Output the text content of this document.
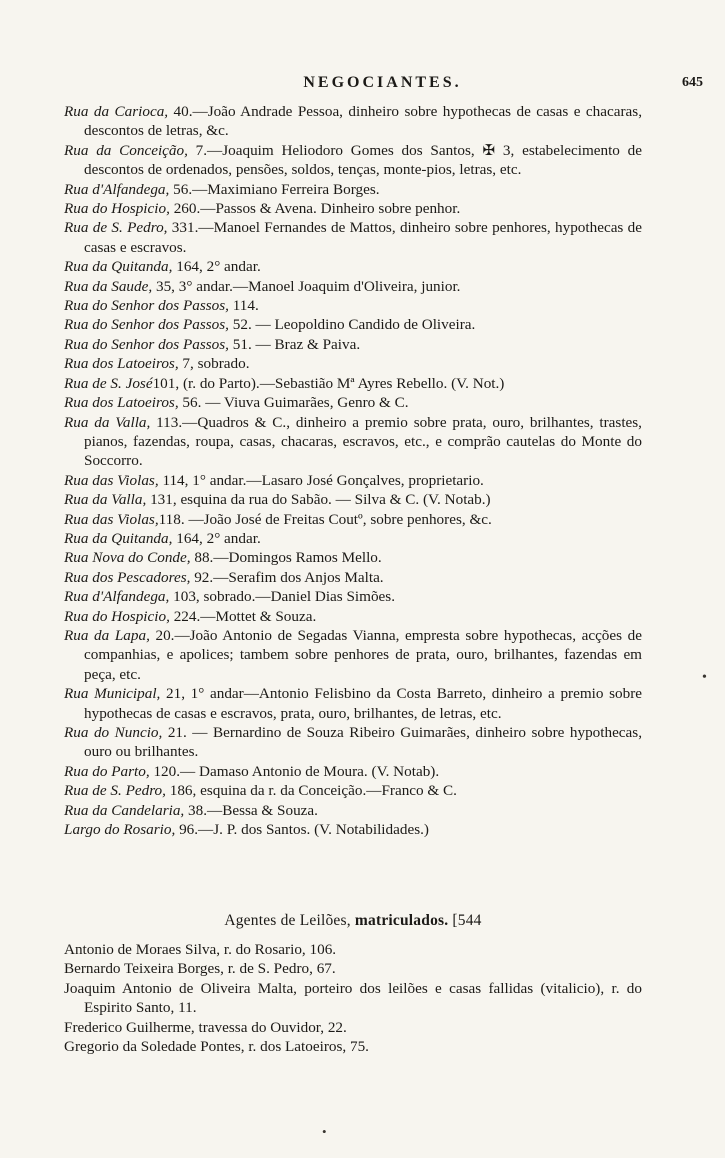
NEGOCIANTES.	645
Rua da Carioca, 40.—João Andrade Pessoa, dinheiro sobre hypothecas de casas e chacaras, descontos de letras, &c.
Rua da Conceição, 7.—Joaquim Heliodoro Gomes dos Santos, ✠ 3, estabelecimento de descontos de ordenados, pensões, soldos, tenças, monte-pios, letras, etc.
Rua d'Alfandega, 56.—Maximiano Ferreira Borges.
Rua do Hospicio, 260.—Passos & Avena. Dinheiro sobre penhor.
Rua de S. Pedro, 331.—Manoel Fernandes de Mattos, dinheiro sobre penhores, hypothecas de casas e escravos.
Rua da Quitanda, 164, 2° andar.
Rua da Saude, 35, 3° andar.—Manoel Joaquim d'Oliveira, junior.
Rua do Senhor dos Passos, 114.
Rua do Senhor dos Passos, 52. — Leopoldino Candido de Oliveira.
Rua do Senhor dos Passos, 51. — Braz & Paiva.
Rua dos Latoeiros, 7, sobrado.
Rua de S. José101, (r. do Parto).—Sebastião Mª Ayres Rebello. (V. Not.)
Rua dos Latoeiros, 56. — Viuva Guimarães, Genro & C.
Rua da Valla, 113.—Quadros & C., dinheiro a premio sobre prata, ouro, brilhantes, trastes, pianos, fazendas, roupa, casas, chacaras, escravos, etc., e comprão cautelas do Monte do Soccorro.
Rua das Violas, 114, 1° andar.—Lasaro José Gonçalves, proprietario.
Rua da Valla, 131, esquina da rua do Sabão. — Silva & C. (V. Notab.)
Rua das Violas,118. —João José de Freitas Coutº, sobre penhores, &c.
Rua da Quitanda, 164, 2° andar.
Rua Nova do Conde, 88.—Domingos Ramos Mello.
Rua dos Pescadores, 92.—Serafim dos Anjos Malta.
Rua d'Alfandega, 103, sobrado.—Daniel Dias Simões.
Rua do Hospicio, 224.—Mottet & Souza.
Rua da Lapa, 20.—João Antonio de Segadas Vianna, empresta sobre hypothecas, acções de companhias, e apolices; tambem sobre penhores de prata, ouro, brilhantes, fazendas em peça, etc.
Rua Municipal, 21, 1° andar—Antonio Felisbino da Costa Barreto, dinheiro a premio sobre hypothecas de casas e escravos, prata, ouro, brilhantes, de letras, etc.
Rua do Nuncio, 21. — Bernardino de Souza Ribeiro Guimarães, dinheiro sobre hypothecas, ouro ou brilhantes.
Rua do Parto, 120.— Damaso Antonio de Moura. (V. Notab).
Rua de S. Pedro, 186, esquina da r. da Conceição.—Franco & C.
Rua da Candelaria, 38.—Bessa & Souza.
Largo do Rosario, 96.—J. P. dos Santos. (V. Notabilidades.)
Agentes de Leilões, matriculados. [544
Antonio de Moraes Silva, r. do Rosario, 106.
Bernardo Teixeira Borges, r. de S. Pedro, 67.
Joaquim Antonio de Oliveira Malta, porteiro dos leilões e casas fallidas (vitalicio), r. do Espirito Santo, 11.
Frederico Guilherme, travessa do Ouvidor, 22.
Gregorio da Soledade Pontes, r. dos Latoeiros, 75.
•
•
